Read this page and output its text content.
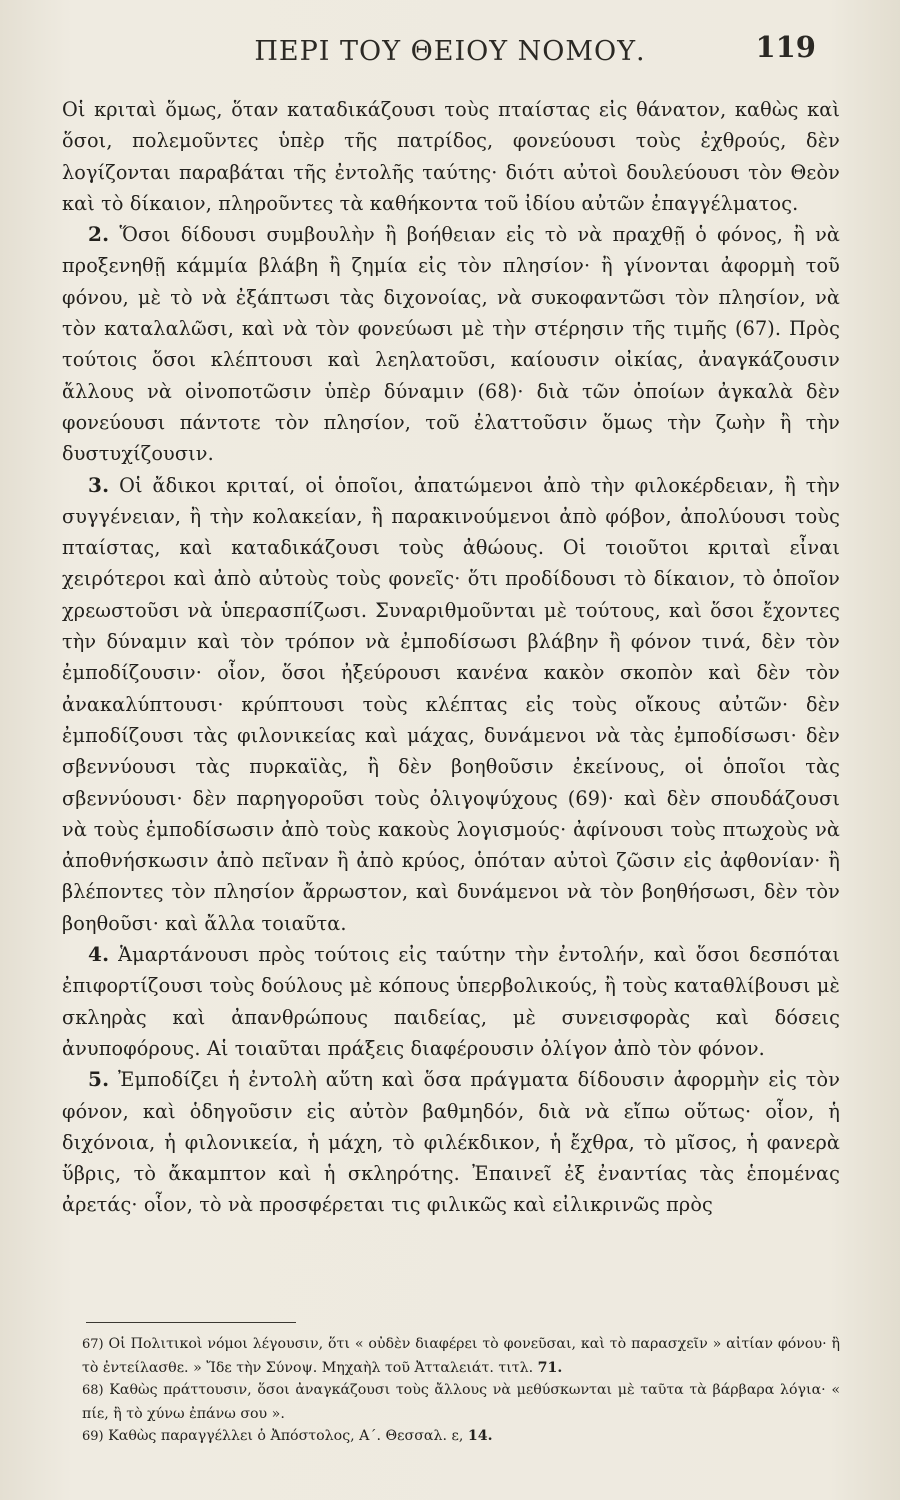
ΠΕΡΙ ΤΟΥ ΘΕΙΟΥ ΝΟΜΟΥ.	119

Οἱ κριταὶ ὅμως, ὅταν καταδικάζουσι τοὺς πταίστας εἰς θάνατον, καθὼς καὶ ὅσοι, πολεμοῦντες ὑπὲρ τῆς πατρίδος, φονεύουσι τοὺς ἐχθρούς, δὲν λογίζονται παραβάται τῆς ἐντολῆς ταύτης· διότι αὐτοὶ δουλεύουσι τὸν Θεὸν καὶ τὸ δίκαιον, πληροῦντες τὰ καθήκοντα τοῦ ἰδίου αὐτῶν ἐπαγγέλματος.

2. Ὅσοι δίδουσι συμβουλὴν ἢ βοήθειαν εἰς τὸ νὰ πραχθῇ ὁ φόνος, ἢ νὰ προξενηθῇ κάμμία βλάβη ἢ ζημία εἰς τὸν πλησίον· ἢ γίνονται ἀφορμὴ τοῦ φόνου, μὲ τὸ νὰ ἐξάπτωσι τὰς διχονοίας, νὰ συκοφαντῶσι τὸν πλησίον, νὰ τὸν καταλαλῶσι, καὶ νὰ τὸν φονεύωσι μὲ τὴν στέρησιν τῆς τιμῆς (67). Πρὸς τούτοις ὅσοι κλέπτουσι καὶ λεηλατοῦσι, καίουσιν οἰκίας, ἀναγκάζουσιν ἄλλους νὰ οἰνοποτῶσιν ὑπὲρ δύναμιν (68)· διὰ τῶν ὁποίων ἀγκαλὰ δὲν φονεύουσι πάντοτε τὸν πλησίον, τοῦ ἐλαττοῦσιν ὅμως τὴν ζωὴν ἢ τὴν δυστυχίζουσιν.

3. Οἱ ἄδικοι κριταί, οἱ ὁποῖοι, ἀπατώμενοι ἀπὸ τὴν φιλοκέρδειαν, ἢ τὴν συγγένειαν, ἢ τὴν κολακείαν, ἢ παρακινούμενοι ἀπὸ φόβον, ἀπολύουσι τοὺς πταίστας, καὶ καταδικάζουσι τοὺς ἀθώους. Οἱ τοιοῦτοι κριταὶ εἶναι χειρότεροι καὶ ἀπὸ αὐτοὺς τοὺς φονεῖς· ὅτι προδίδουσι τὸ δίκαιον, τὸ ὁποῖον χρεωστοῦσι νὰ ὑπερασπίζωσι. Συναριθμοῦνται μὲ τούτους, καὶ ὅσοι ἔχοντες τὴν δύναμιν καὶ τὸν τρόπον νὰ ἐμποδίσωσι βλάβην ἢ φόνον τινά, δὲν τὸν ἐμποδίζουσιν· οἷον, ὅσοι ἠξεύρουσι κανένα κακὸν σκοπὸν καὶ δὲν τὸν ἀνακαλύπτουσι· κρύπτουσι τοὺς κλέπτας εἰς τοὺς οἴκους αὐτῶν· δὲν ἐμποδίζουσι τὰς φιλονικείας καὶ μάχας, δυνάμενοι νὰ τὰς ἐμποδίσωσι· δὲν σβεννύουσι τὰς πυρκαϊὰς, ἢ δὲν βοηθοῦσιν ἐκείνους, οἱ ὁποῖοι τὰς σβεννύουσι· δὲν παρηγοροῦσι τοὺς ὀλιγοψύχους (69)· καὶ δὲν σπουδάζουσι νὰ τοὺς ἐμποδίσωσιν ἀπὸ τοὺς κακοὺς λογισμούς· ἀφίνουσι τοὺς πτωχοὺς νὰ ἀποθνήσκωσιν ἀπὸ πεῖναν ἢ ἀπὸ κρύος, ὁπόταν αὐτοὶ ζῶσιν εἰς ἀφθονίαν· ἢ βλέποντες τὸν πλησίον ἄρρωστον, καὶ δυνάμενοι νὰ τὸν βοηθήσωσι, δὲν τὸν βοηθοῦσι· καὶ ἄλλα τοιαῦτα.

4. Ἁμαρτάνουσι πρὸς τούτοις εἰς ταύτην τὴν ἐντολήν, καὶ ὅσοι δεσπόται ἐπιφορτίζουσι τοὺς δούλους μὲ κόπους ὑπερβολικούς, ἢ τοὺς καταθλίβουσι μὲ σκληρὰς καὶ ἀπανθρώπους παιδείας, μὲ συνεισφορὰς καὶ δόσεις ἀνυποφόρους. Αἱ τοιαῦται πράξεις διαφέρουσιν ὀλίγον ἀπὸ τὸν φόνον.

5. Ἐμποδίζει ἡ ἐντολὴ αὕτη καὶ ὅσα πράγματα δίδουσιν ἀφορμὴν εἰς τὸν φόνον, καὶ ὁδηγοῦσιν εἰς αὐτὸν βαθμηδόν, διὰ νὰ εἴπω οὕτως· οἷον, ἡ διχόνοια, ἡ φιλονικεία, ἡ μάχη, τὸ φιλέκδικον, ἡ ἔχθρα, τὸ μῖσος, ἡ φανερὰ ὕβρις, τὸ ἄκαμπτον καὶ ἡ σκληρότης. Ἐπαινεῖ ἐξ ἐναντίας τὰς ἑπομένας ἀρετάς· οἷον, τὸ νὰ προσφέρεται τις φιλικῶς καὶ εἰλικρινῶς πρὸς

67) Οἱ Πολιτικοὶ νόμοι λέγουσιν, ὅτι « οὐδὲν διαφέρει τὸ φονεῦσαι, καὶ τὸ παρασχεῖν » αἰτίαν φόνου· ἢ τὸ ἐντείλασθε. » Ἴδε τὴν Σύνοψ. Μηχαὴλ τοῦ Ἀτταλειάτ. τιτλ. 71.

68) Καθὼς πράττουσιν, ὅσοι ἀναγκάζουσι τοὺς ἄλλους νὰ μεθύσκωνται μὲ ταῦτα τὰ βάρβαρα λόγια· « πίε, ἢ τὸ χύνω ἐπάνω σου ».

69) Καθὼς παραγγέλλει ὁ Ἀπόστολος, Α΄. Θεσσαλ. ε, 14.
